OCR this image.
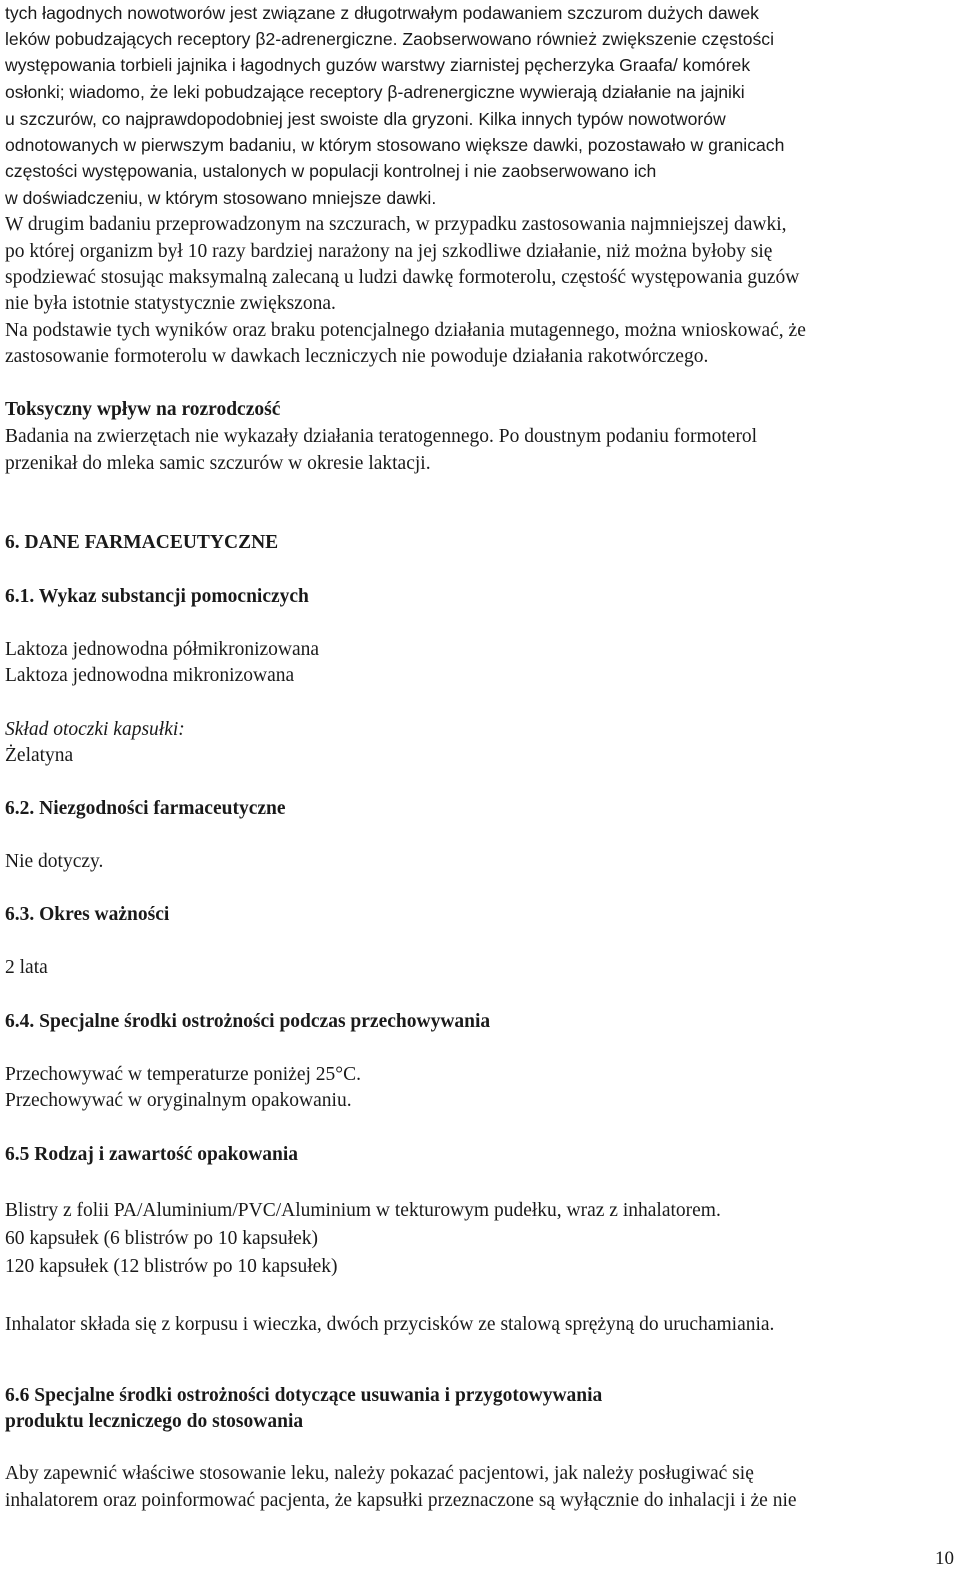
tych łagodnych nowotworów jest związane z długotrwałym podawaniem szczurom dużych dawek
leków pobudzających receptory β2-adrenergiczne. Zaobserwowano również zwiększenie częstości
występowania torbieli jajnika i łagodnych guzów warstwy ziarnistej pęcherzyka Graafa/ komórek
osłonki; wiadomo, że leki pobudzające receptory β-adrenergiczne wywierają działanie na jajniki
u szczurów, co najprawdopodobniej jest swoiste dla gryzoni. Kilka innych typów nowotworów
odnotowanych w pierwszym badaniu, w którym stosowano większe dawki, pozostawało w granicach
częstości występowania, ustalonych w populacji kontrolnej i nie zaobserwowano ich
w doświadczeniu, w którym stosowano mniejsze dawki.
W drugim badaniu przeprowadzonym na szczurach, w przypadku zastosowania najmniejszej dawki,
po której organizm był 10 razy bardziej narażony na jej szkodliwe działanie, niż można byłoby się
spodziewać stosując maksymalną zalecaną u ludzi dawkę formoterolu, częstość występowania guzów
nie była istotnie statystycznie zwiększona.
Na podstawie tych wyników oraz braku potencjalnego działania mutagennego, można wnioskować, że
zastosowanie formoterolu w dawkach leczniczych nie powoduje działania rakotwórczego.
Toksyczny wpływ na rozrodczość
Badania na zwierzętach nie wykazały działania teratogennego. Po doustnym podaniu formoterol
przenikał do mleka samic szczurów w okresie laktacji.
6. DANE FARMACEUTYCZNE
6.1. Wykaz substancji pomocniczych
Laktoza jednowodna półmikronizowana
Laktoza jednowodna mikronizowana
Skład otoczki kapsułki:
Żelatyna
6.2. Niezgodności farmaceutyczne
Nie dotyczy.
6.3. Okres ważności
2 lata
6.4. Specjalne środki ostrożności podczas przechowywania
Przechowywać w temperaturze poniżej 25°C.
Przechowywać w oryginalnym opakowaniu.
6.5 Rodzaj i zawartość opakowania
Blistry z folii PA/Aluminium/PVC/Aluminium w tekturowym pudełku, wraz z inhalatorem.
60 kapsułek (6 blistrów po 10 kapsułek)
120 kapsułek (12 blistrów po 10 kapsułek)
Inhalator składa się z korpusu i wieczka, dwóch przycisków ze stalową sprężyną do uruchamiania.
6.6 Specjalne środki ostrożności dotyczące usuwania i przygotowywania
produktu leczniczego do stosowania
Aby zapewnić właściwe stosowanie leku, należy pokazać pacjentowi, jak należy posługiwać się
inhalatorem oraz poinformować pacjenta, że kapsułki przeznaczone są wyłącznie do inhalacji i że nie
10
